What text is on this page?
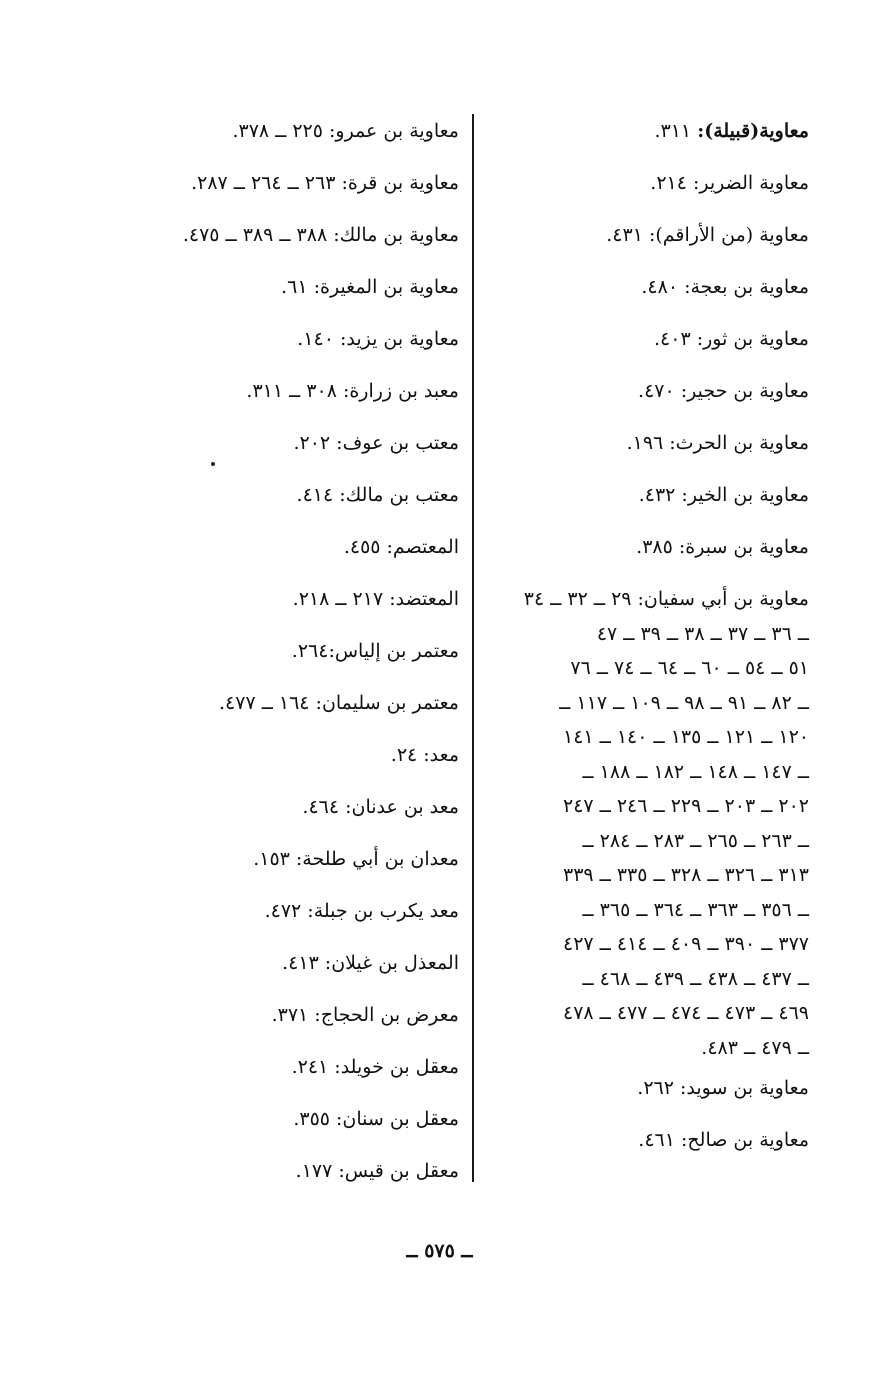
معاوية(قبيلة): ٣١١.
معاوية الضرير: ٢١٤.
معاوية (من الأراقم): ٤٣١.
معاوية بن بعجة: ٤٨٠.
معاوية بن ثور: ٤٠٣.
معاوية بن حجير: ٤٧٠.
معاوية بن الحرث: ١٩٦.
معاوية بن الخير: ٤٣٢.
معاوية بن سبرة: ٣٨٥.
معاوية بن أبي سفيان: ٢٩ ــ ٣٢ ــ ٣٤
ــ ٣٦ ــ ٣٧ ــ ٣٨ ــ ٣٩ ــ ٤٧
٥١ ــ ٥٤ ــ ٦٠ ــ ٦٤ ــ ٧٤ ــ ٧٦
ــ ٨٢ ــ ٩١ ــ ٩٨ ــ ١٠٩ ــ ١١٧ ــ
١٢٠ ــ ١٢١ ــ ١٣٥ ــ ١٤٠ ــ ١٤١
ــ ١٤٧ ــ ١٤٨ ــ ١٨٢ ــ ١٨٨ ــ
٢٠٢ ــ ٢٠٣ ــ ٢٢٩ ــ ٢٤٦ ــ ٢٤٧
ــ ٢٦٣ ــ ٢٦٥ ــ ٢٨٣ ــ ٢٨٤ ــ
٣١٣ ــ ٣٢٦ ــ ٣٢٨ ــ ٣٣٥ ــ ٣٣٩
ــ ٣٥٦ ــ ٣٦٣ ــ ٣٦٤ ــ ٣٦٥ ــ
٣٧٧ ــ ٣٩٠ ــ ٤٠٩ ــ ٤١٤ ــ ٤٢٧
ــ ٤٣٧ ــ ٤٣٨ ــ ٤٣٩ ــ ٤٦٨ ــ
٤٦٩ ــ ٤٧٣ ــ ٤٧٤ ــ ٤٧٧ ــ ٤٧٨
ــ ٤٧٩ ــ ٤٨٣.
معاوية بن سويد: ٢٦٢.
معاوية بن صالح: ٤٦١.
معاوية بن عمرو: ٢٢٥ ــ ٣٧٨.
معاوية بن قرة: ٢٦٣ ــ ٢٦٤ ــ ٢٨٧.
معاوية بن مالك: ٣٨٨ ــ ٣٨٩ ــ ٤٧٥.
معاوية بن المغيرة: ٦١.
معاوية بن يزيد: ١٤٠.
معبد بن زرارة: ٣٠٨ ــ ٣١١.
معتب بن عوف: ٢٠٢.
معتب بن مالك: ٤١٤.
المعتصم: ٤٥٥.
المعتضد: ٢١٧ ــ ٢١٨.
معتمر بن إلياس:٢٦٤.
معتمر بن سليمان: ١٦٤ ــ ٤٧٧.
معد: ٢٤.
معد بن عدنان: ٤٦٤.
معدان بن أبي طلحة: ١٥٣.
معد يكرب بن جبلة: ٤٧٢.
المعذل بن غيلان: ٤١٣.
معرض بن الحجاج: ٣٧١.
معقل بن خويلد: ٢٤١.
معقل بن سنان: ٣٥٥.
معقل بن قيس: ١٧٧.
ــ ٥٧٥ ــ
